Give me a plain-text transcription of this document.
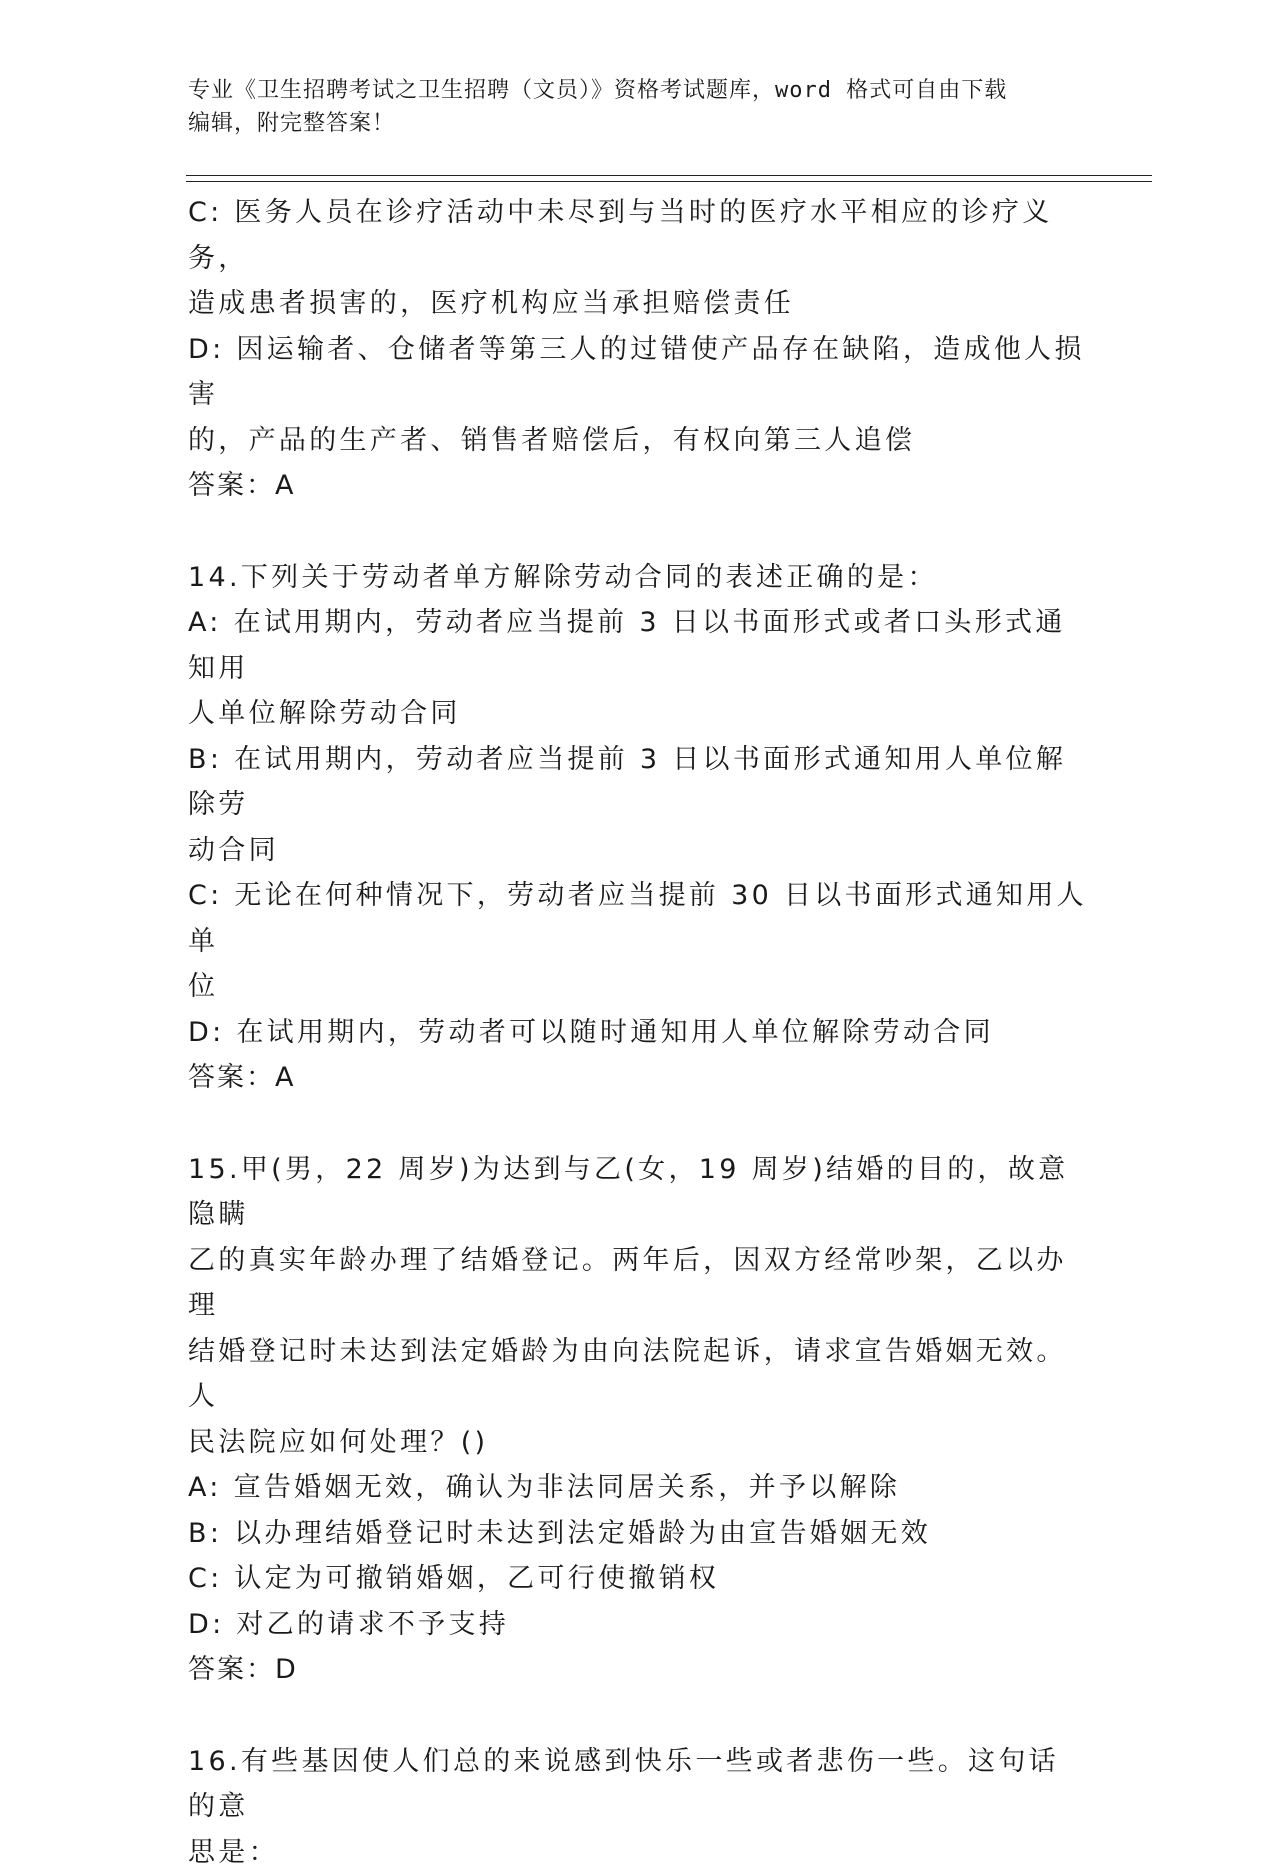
专业《卫生招聘考试之卫生招聘（文员）》资格考试题库，word 格式可自由下载
编辑，附完整答案！

C: 医务人员在诊疗活动中未尽到与当时的医疗水平相应的诊疗义务，

造成患者损害的，医疗机构应当承担赔偿责任

D: 因运输者、仓储者等第三人的过错使产品存在缺陷，造成他人损害

的，产品的生产者、销售者赔偿后，有权向第三人追偿

答案：A

14.下列关于劳动者单方解除劳动合同的表述正确的是：

A: 在试用期内，劳动者应当提前 3 日以书面形式或者口头形式通知用

人单位解除劳动合同

B: 在试用期内，劳动者应当提前 3 日以书面形式通知用人单位解除劳

动合同

C: 无论在何种情况下，劳动者应当提前 30 日以书面形式通知用人单

位

D: 在试用期内，劳动者可以随时通知用人单位解除劳动合同

答案：A

15.甲(男，22 周岁)为达到与乙(女，19 周岁)结婚的目的，故意隐瞒

乙的真实年龄办理了结婚登记。两年后，因双方经常吵架，乙以办理

结婚登记时未达到法定婚龄为由向法院起诉，请求宣告婚姻无效。人

民法院应如何处理？()

A: 宣告婚姻无效，确认为非法同居关系，并予以解除

B: 以办理结婚登记时未达到法定婚龄为由宣告婚姻无效

C: 认定为可撤销婚姻，乙可行使撤销权

D: 对乙的请求不予支持

答案：D

16.有些基因使人们总的来说感到快乐一些或者悲伤一些。这句话的意

思是：
